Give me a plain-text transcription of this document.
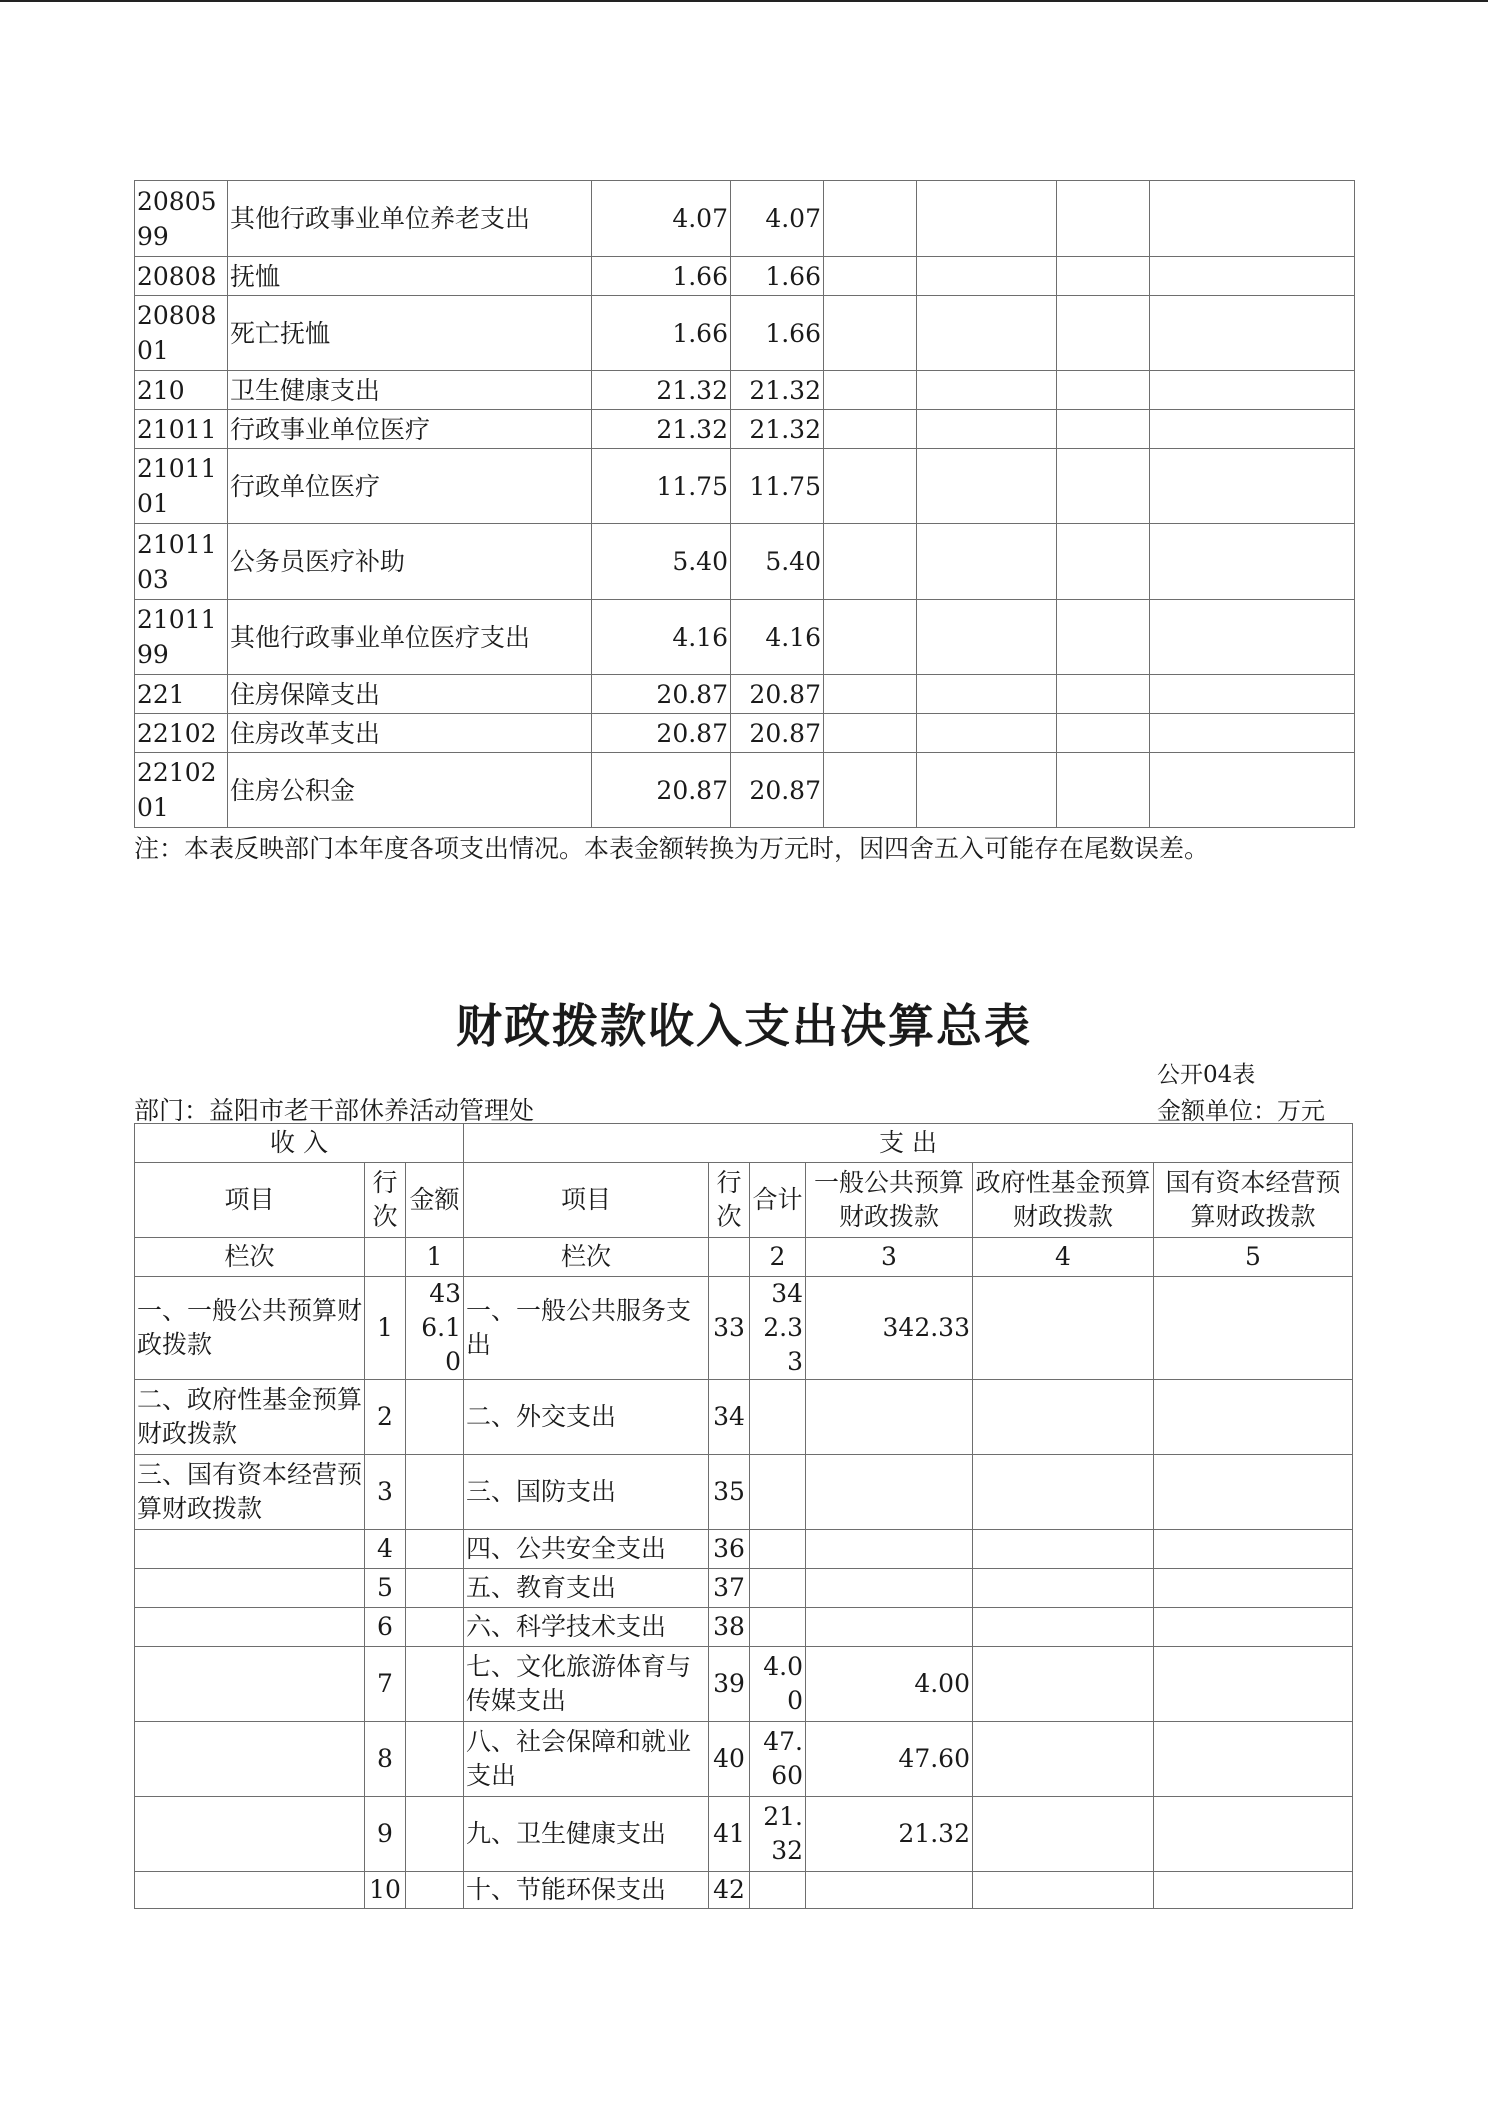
2080599	其他行政事业单位养老支出	4.07	4.07				
20808	抚恤	1.66	1.66				
2080801	死亡抚恤	1.66	1.66				
210	卫生健康支出	21.32	21.32				
21011	行政事业单位医疗	21.32	21.32				
2101101	行政单位医疗	11.75	11.75				
2101103	公务员医疗补助	5.40	5.40				
2101199	其他行政事业单位医疗支出	4.16	4.16				
221	住房保障支出	20.87	20.87				
22102	住房改革支出	20.87	20.87				
2210201	住房公积金	20.87	20.87				
注：本表反映部门本年度各项支出情况。本表金额转换为万元时，因四舍五入可能存在尾数误差。
财政拨款收入支出决算总表
公开04表
部门：益阳市老干部休养活动管理处	金额单位：万元
收 入			支 出					
项目	行次	金额	项目	行次	合计	一般公共预算财政拨款	政府性基金预算财政拨款	国有资本经营预算财政拨款
栏次		1	栏次		2	3	4	5
一、一般公共预算财政拨款	1	436.10	一、一般公共服务支出	33	342.33	342.33		
二、政府性基金预算财政拨款	2		二、外交支出	34				
三、国有资本经营预算财政拨款	3		三、国防支出	35				
	4		四、公共安全支出	36				
	5		五、教育支出	37				
	6		六、科学技术支出	38				
	7		七、文化旅游体育与传媒支出	39	4.00	4.00		
	8		八、社会保障和就业支出	40	47.60	47.60		
	9		九、卫生健康支出	41	21.32	21.32		
	10		十、节能环保支出	42				
